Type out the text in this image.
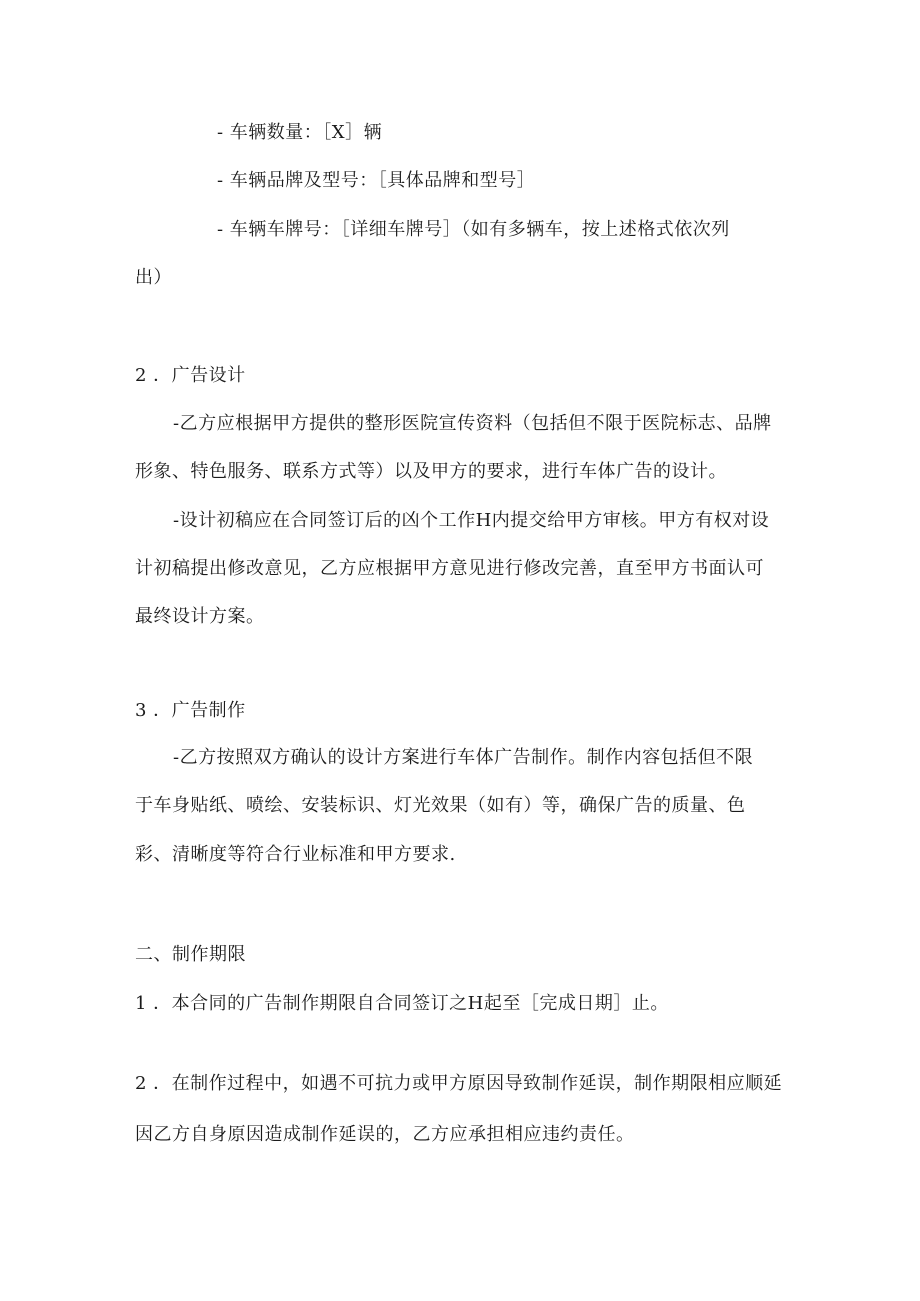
- 车辆数量：［X］辆
- 车辆品牌及型号：［具体品牌和型号］
- 车辆车牌号：［详细车牌号］（如有多辆车，按上述格式依次列
出）
2 ．广告设计
-乙方应根据甲方提供的整形医院宣传资料（包括但不限于医院标志、品牌
形象、特色服务、联系方式等）以及甲方的要求，进行车体广告的设计。
-设计初稿应在合同签订后的凶个工作H内提交给甲方审核。甲方有权对设
计初稿提出修改意见，乙方应根据甲方意见进行修改完善，直至甲方书面认可
最终设计方案。
3 ．广告制作
-乙方按照双方确认的设计方案进行车体广告制作。制作内容包括但不限
于车身贴纸、喷绘、安装标识、灯光效果（如有）等，确保广告的质量、色
彩、清晰度等符合行业标准和甲方要求.
二、制作期限
1 ．本合同的广告制作期限自合同签订之H起至［完成日期］止。
2 ．在制作过程中，如遇不可抗力或甲方原因导致制作延误，制作期限相应顺延
因乙方自身原因造成制作延误的，乙方应承担相应违约责任。
